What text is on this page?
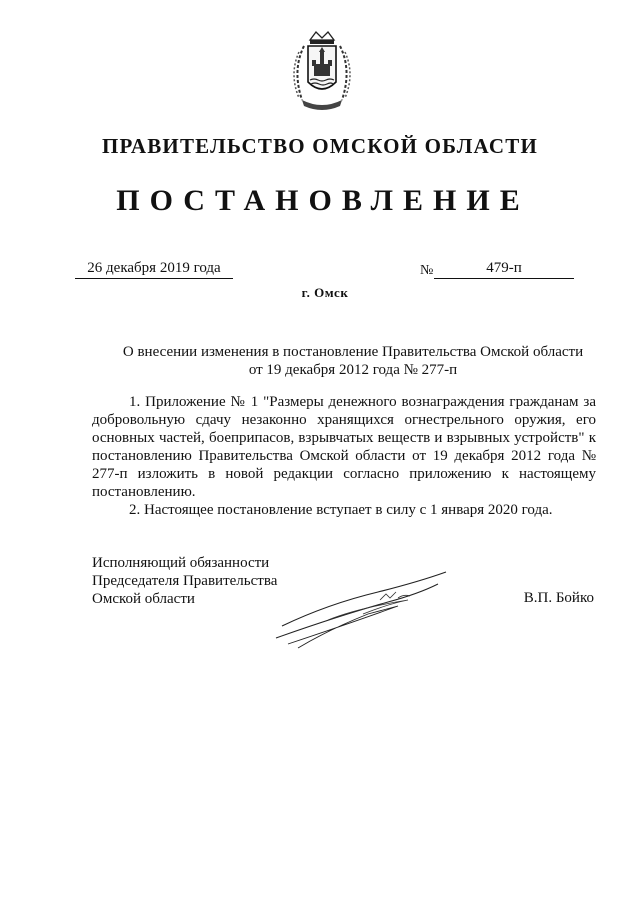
ПРАВИТЕЛЬСТВО ОМСКОЙ ОБЛАСТИ
ПОСТАНОВЛЕНИЕ
26 декабря 2019 года	№	479-п
г. Омск
О внесении изменения в постановление Правительства Омской области
от 19 декабря 2012 года № 277-п

1. Приложение № 1 "Размеры денежного вознаграждения гражданам за добровольную сдачу незаконно хранящихся огнестрельного оружия, его основных частей, боеприпасов, взрывчатых веществ и взрывных устройств" к постановлению Правительства Омской области от 19 декабря 2012 года № 277-п изложить в новой редакции согласно приложению к настоящему постановлению.

2. Настоящее постановление вступает в силу с 1 января 2020 года.

Исполняющий обязанности
Председателя Правительства
Омской области	В.П. Бойко
